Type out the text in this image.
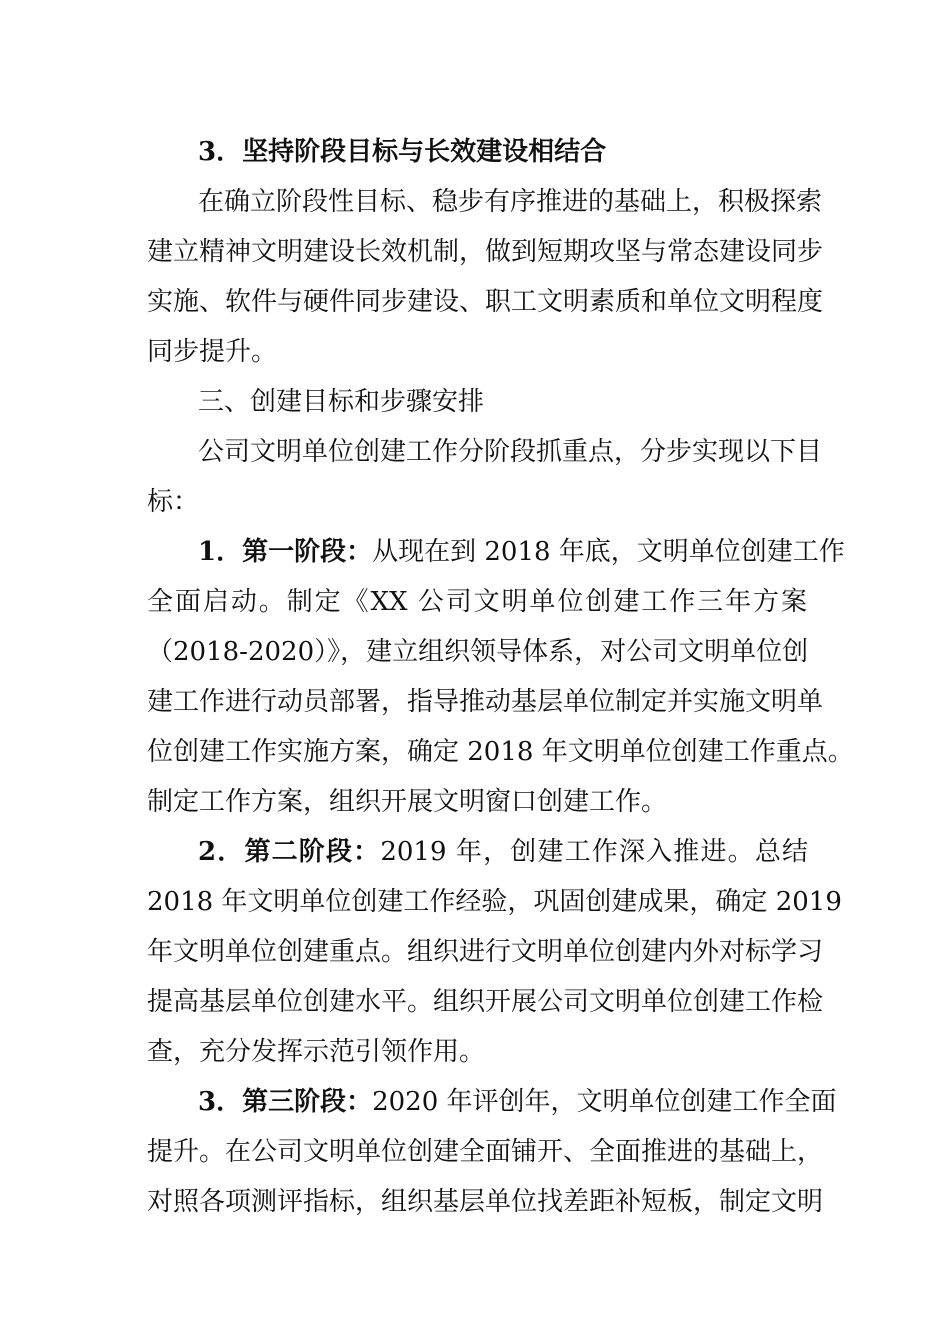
3．坚持阶段目标与长效建设相结合
在确立阶段性目标、稳步有序推进的基础上，积极探索
建立精神文明建设长效机制，做到短期攻坚与常态建设同步
实施、软件与硬件同步建设、职工文明素质和单位文明程度
同步提升。
三、创建目标和步骤安排
公司文明单位创建工作分阶段抓重点，分步实现以下目
标：
1．第一阶段：从现在到 2018 年底，文明单位创建工作
全面启动。制定《XX 公司文明单位创建工作三年方案
（2018-2020）》，建立组织领导体系，对公司文明单位创
建工作进行动员部署，指导推动基层单位制定并实施文明单
位创建工作实施方案，确定 2018 年文明单位创建工作重点。
制定工作方案，组织开展文明窗口创建工作。
2．第二阶段：2019 年，创建工作深入推进。总结
2018 年文明单位创建工作经验，巩固创建成果，确定 2019
年文明单位创建重点。组织进行文明单位创建内外对标学习
提高基层单位创建水平。组织开展公司文明单位创建工作检
查，充分发挥示范引领作用。
3．第三阶段：2020 年评创年，文明单位创建工作全面
提升。在公司文明单位创建全面铺开、全面推进的基础上，
对照各项测评指标，组织基层单位找差距补短板，制定文明
